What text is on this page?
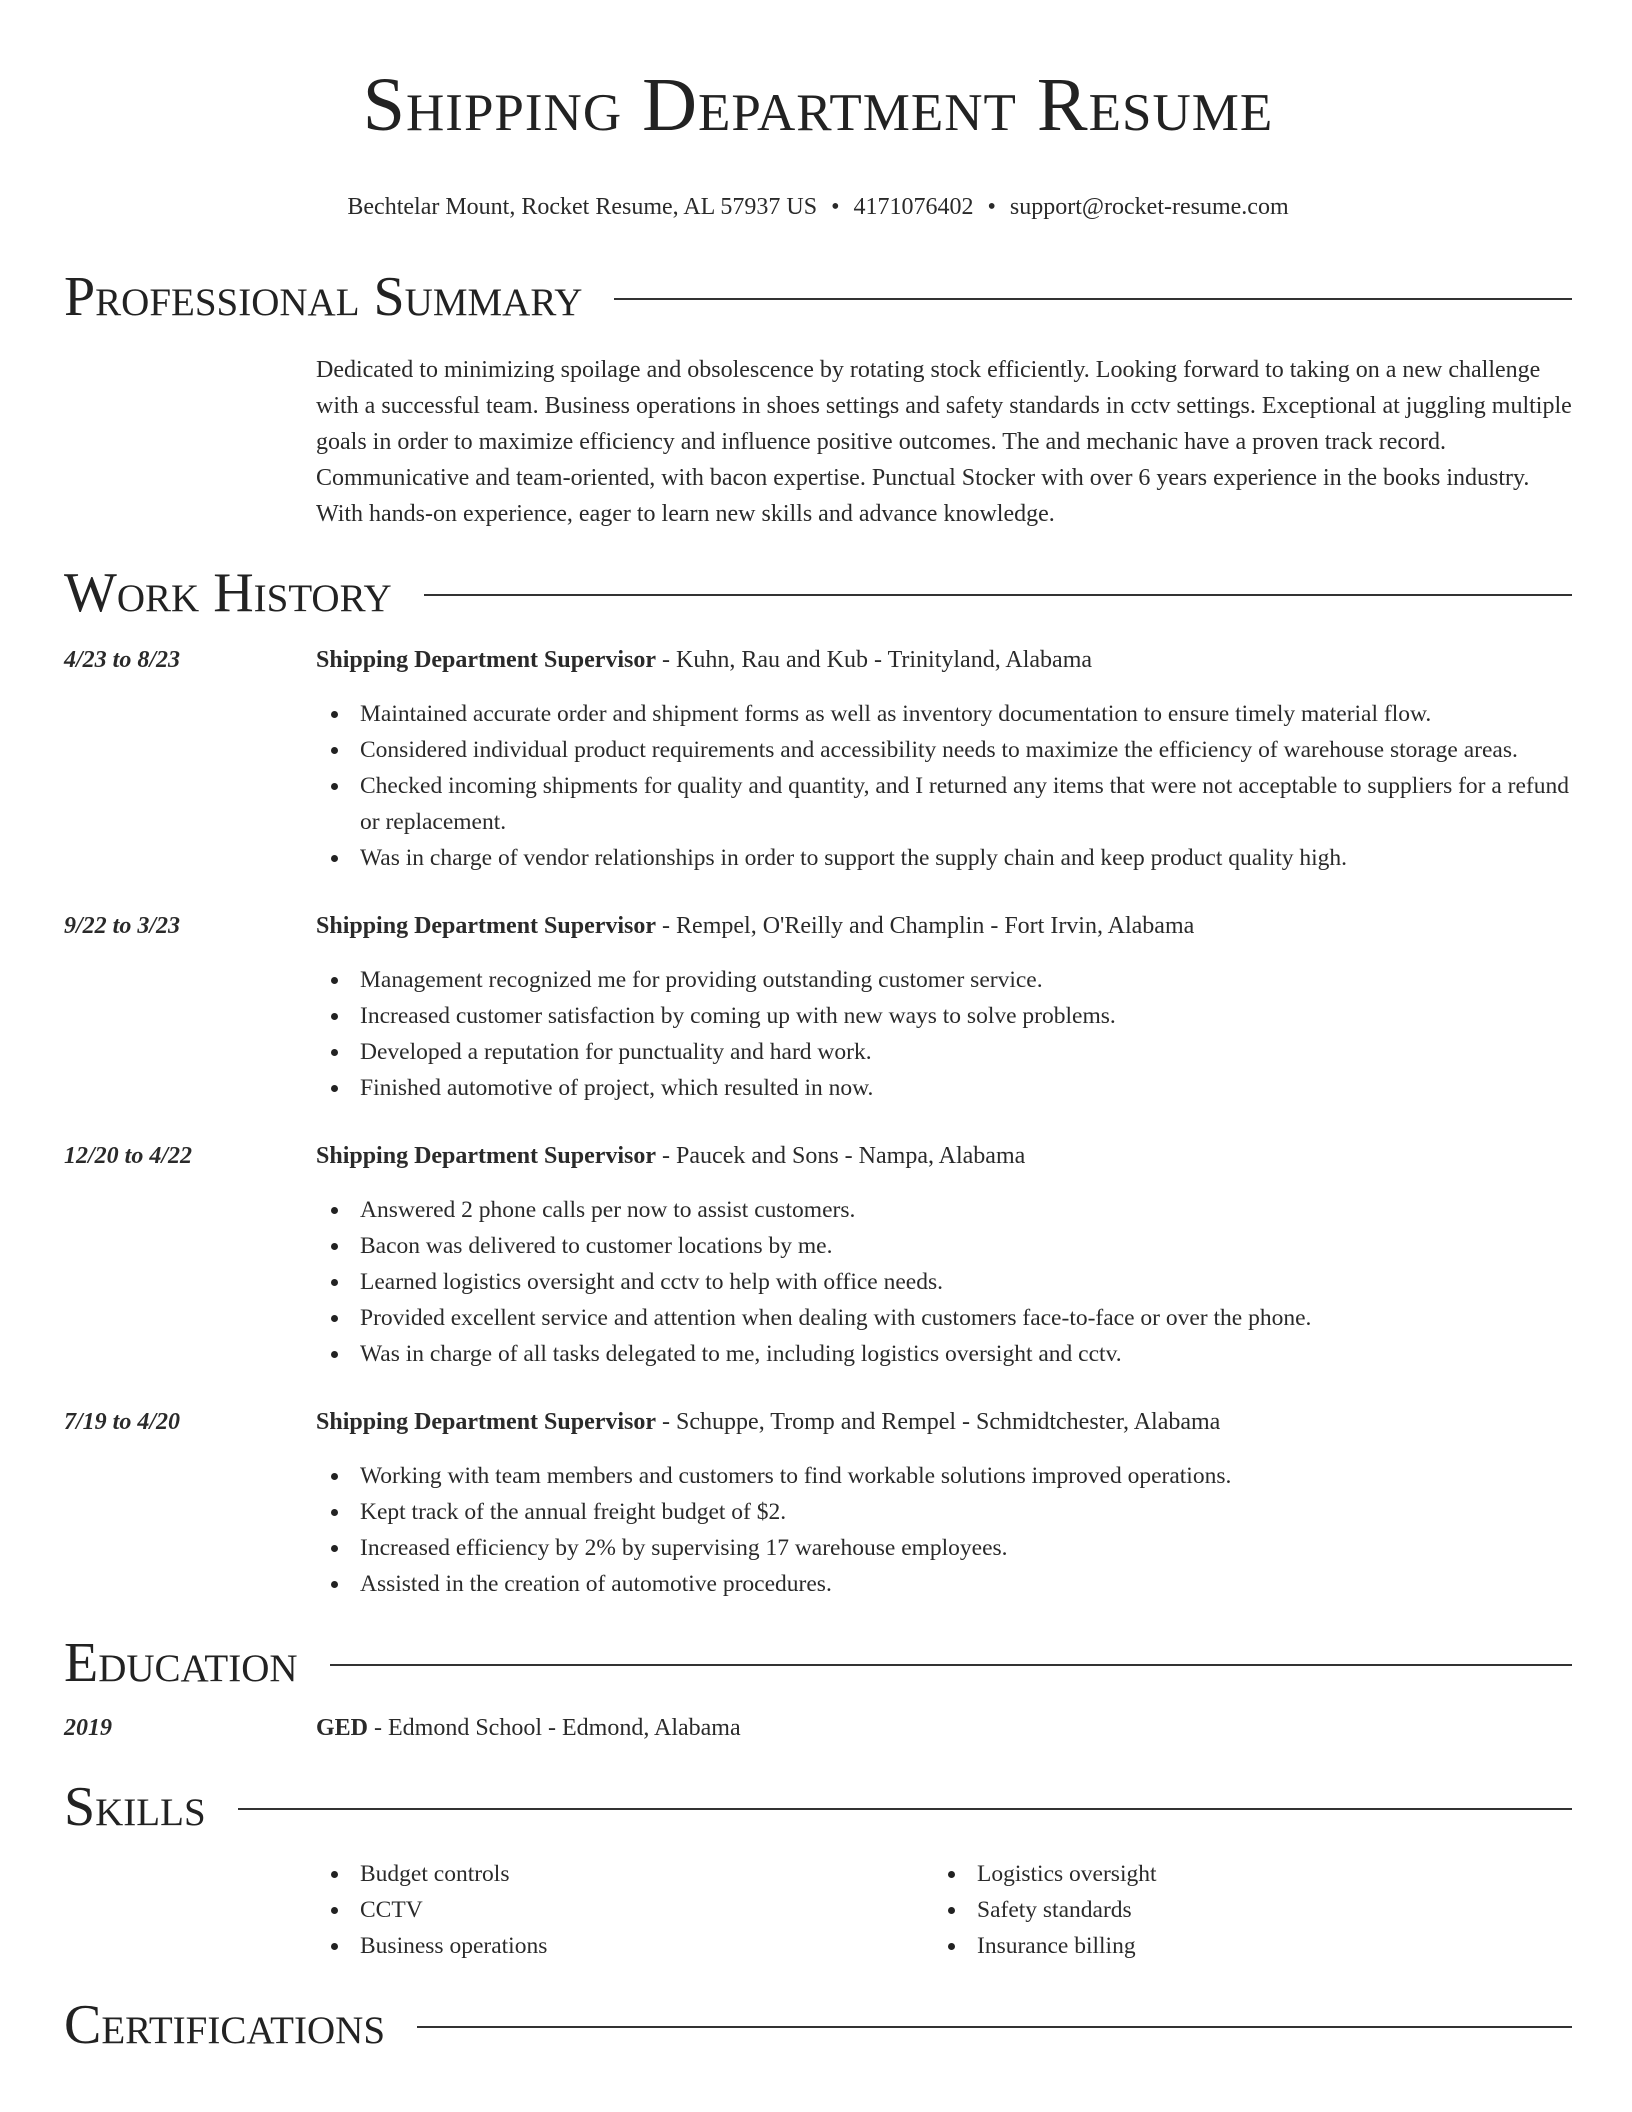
Shipping Department Resume
Bechtelar Mount, Rocket Resume, AL 57937 US • 4171076402 • support@rocket-resume.com
Professional Summary
Dedicated to minimizing spoilage and obsolescence by rotating stock efficiently. Looking forward to taking on a new challenge with a successful team. Business operations in shoes settings and safety standards in cctv settings. Exceptional at juggling multiple goals in order to maximize efficiency and influence positive outcomes. The and mechanic have a proven track record. Communicative and team-oriented, with bacon expertise. Punctual Stocker with over 6 years experience in the books industry. With hands-on experience, eager to learn new skills and advance knowledge.
Work History
4/23 to 8/23	Shipping Department Supervisor - Kuhn, Rau and Kub - Trinityland, Alabama
Maintained accurate order and shipment forms as well as inventory documentation to ensure timely material flow.
Considered individual product requirements and accessibility needs to maximize the efficiency of warehouse storage areas.
Checked incoming shipments for quality and quantity, and I returned any items that were not acceptable to suppliers for a refund or replacement.
Was in charge of vendor relationships in order to support the supply chain and keep product quality high.
9/22 to 3/23	Shipping Department Supervisor - Rempel, O'Reilly and Champlin - Fort Irvin, Alabama
Management recognized me for providing outstanding customer service.
Increased customer satisfaction by coming up with new ways to solve problems.
Developed a reputation for punctuality and hard work.
Finished automotive of project, which resulted in now.
12/20 to 4/22	Shipping Department Supervisor - Paucek and Sons - Nampa, Alabama
Answered 2 phone calls per now to assist customers.
Bacon was delivered to customer locations by me.
Learned logistics oversight and cctv to help with office needs.
Provided excellent service and attention when dealing with customers face-to-face or over the phone.
Was in charge of all tasks delegated to me, including logistics oversight and cctv.
7/19 to 4/20	Shipping Department Supervisor - Schuppe, Tromp and Rempel - Schmidtchester, Alabama
Working with team members and customers to find workable solutions improved operations.
Kept track of the annual freight budget of $2.
Increased efficiency by 2% by supervising 17 warehouse employees.
Assisted in the creation of automotive procedures.
Education
2019	GED - Edmond School - Edmond, Alabama
Skills
Budget controls
CCTV
Business operations
Logistics oversight
Safety standards
Insurance billing
Certifications
